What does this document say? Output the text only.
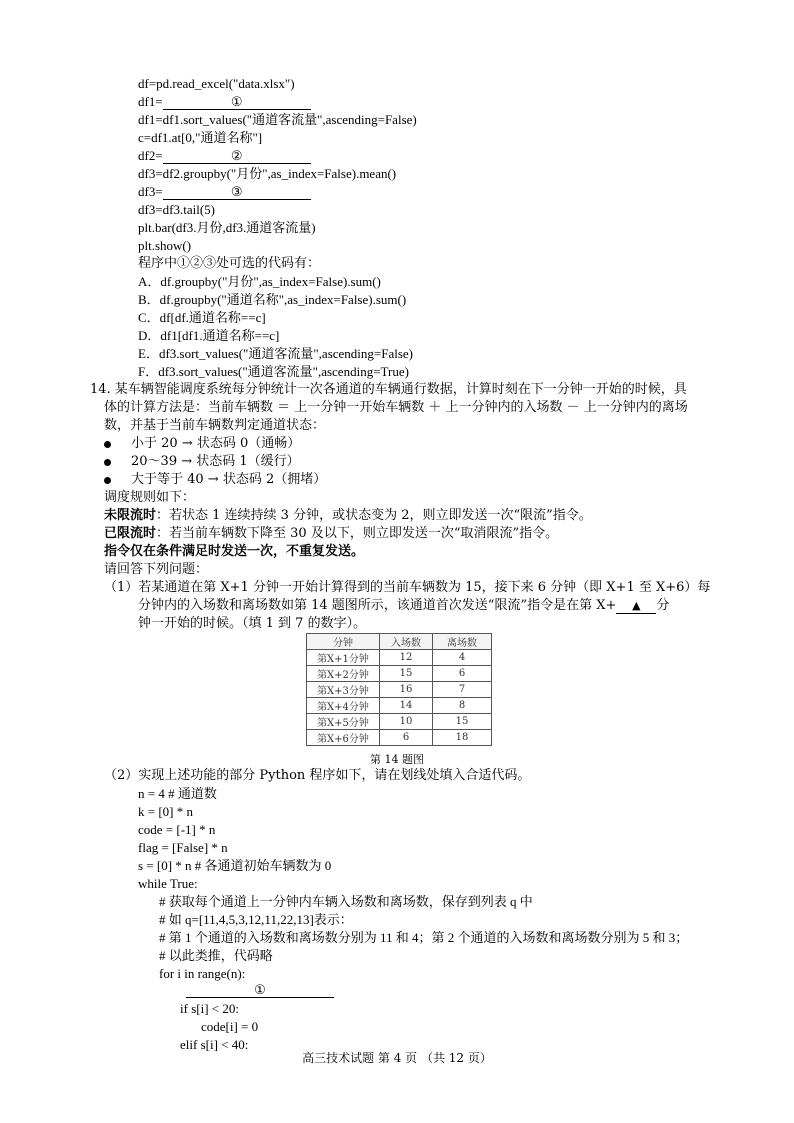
df=pd.read_excel("data.xlsx")
df1=	①
df1=df1.sort_values("通道客流量",ascending=False)
c=df1.at[0,"通道名称"]
df2=	②
df3=df2.groupby("月份",as_index=False).mean()
df3=	③
df3=df3.tail(5)
plt.bar(df3.月份,df3.通道客流量)
plt.show()
程序中①②③处可选的代码有：
A．df.groupby("月份",as_index=False).sum()
B．df.groupby("通道名称",as_index=False).sum()
C．df[df.通道名称==c]
D．df1[df1.通道名称==c]
E．df3.sort_values("通道客流量",ascending=False)
F．df3.sort_values("通道客流量",ascending=True)
14. 某车辆智能调度系统每分钟统计一次各通道的车辆通行数据，计算时刻在下一分钟一开始的时候，具
体的计算方法是：当前车辆数 ＝ 上一分钟一开始车辆数 ＋ 上一分钟内的入场数 － 上一分钟内的离场
数，并基于当前车辆数判定通道状态：
小于 20 → 状态码 0（通畅）
20～39 → 状态码 1（缓行）
大于等于 40 → 状态码 2（拥堵）
调度规则如下：
未限流时：若状态 1 连续持续 3 分钟，或状态变为 2，则立即发送一次“限流”指令。
已限流时：若当前车辆数下降至 30 及以下，则立即发送一次“取消限流”指令。
指令仅在条件满足时发送一次，不重复发送。
请回答下列问题：
（1）若某通道在第 X+1 分钟一开始计算得到的当前车辆数为 15，接下来 6 分钟（即 X+1 至 X+6）每
分钟内的入场数和离场数如第 14 题图所示，该通道首次发送“限流”指令是在第 X+ ▲ 分
钟一开始的时候。（填 1 到 7 的数字）。
分钟	入场数	离场数
第X+1分钟	12	4
第X+2分钟	15	6
第X+3分钟	16	7
第X+4分钟	14	8
第X+5分钟	10	15
第X+6分钟	6	18
第 14 题图
（2）实现上述功能的部分 Python 程序如下，请在划线处填入合适代码。
n = 4 # 通道数
k = [0] * n
code = [-1] * n
flag = [False] * n
s = [0] * n # 各通道初始车辆数为 0
while True:
# 获取每个通道上一分钟内车辆入场数和离场数，保存到列表 q 中
# 如 q=[11,4,5,3,12,11,22,13]表示：
# 第 1 个通道的入场数和离场数分别为 11 和 4；第 2 个通道的入场数和离场数分别为 5 和 3；
# 以此类推，代码略
for i in range(n):
①
if s[i] < 20:
code[i] = 0
elif s[i] < 40:
高三技术试题 第 4 页 （共 12 页）
